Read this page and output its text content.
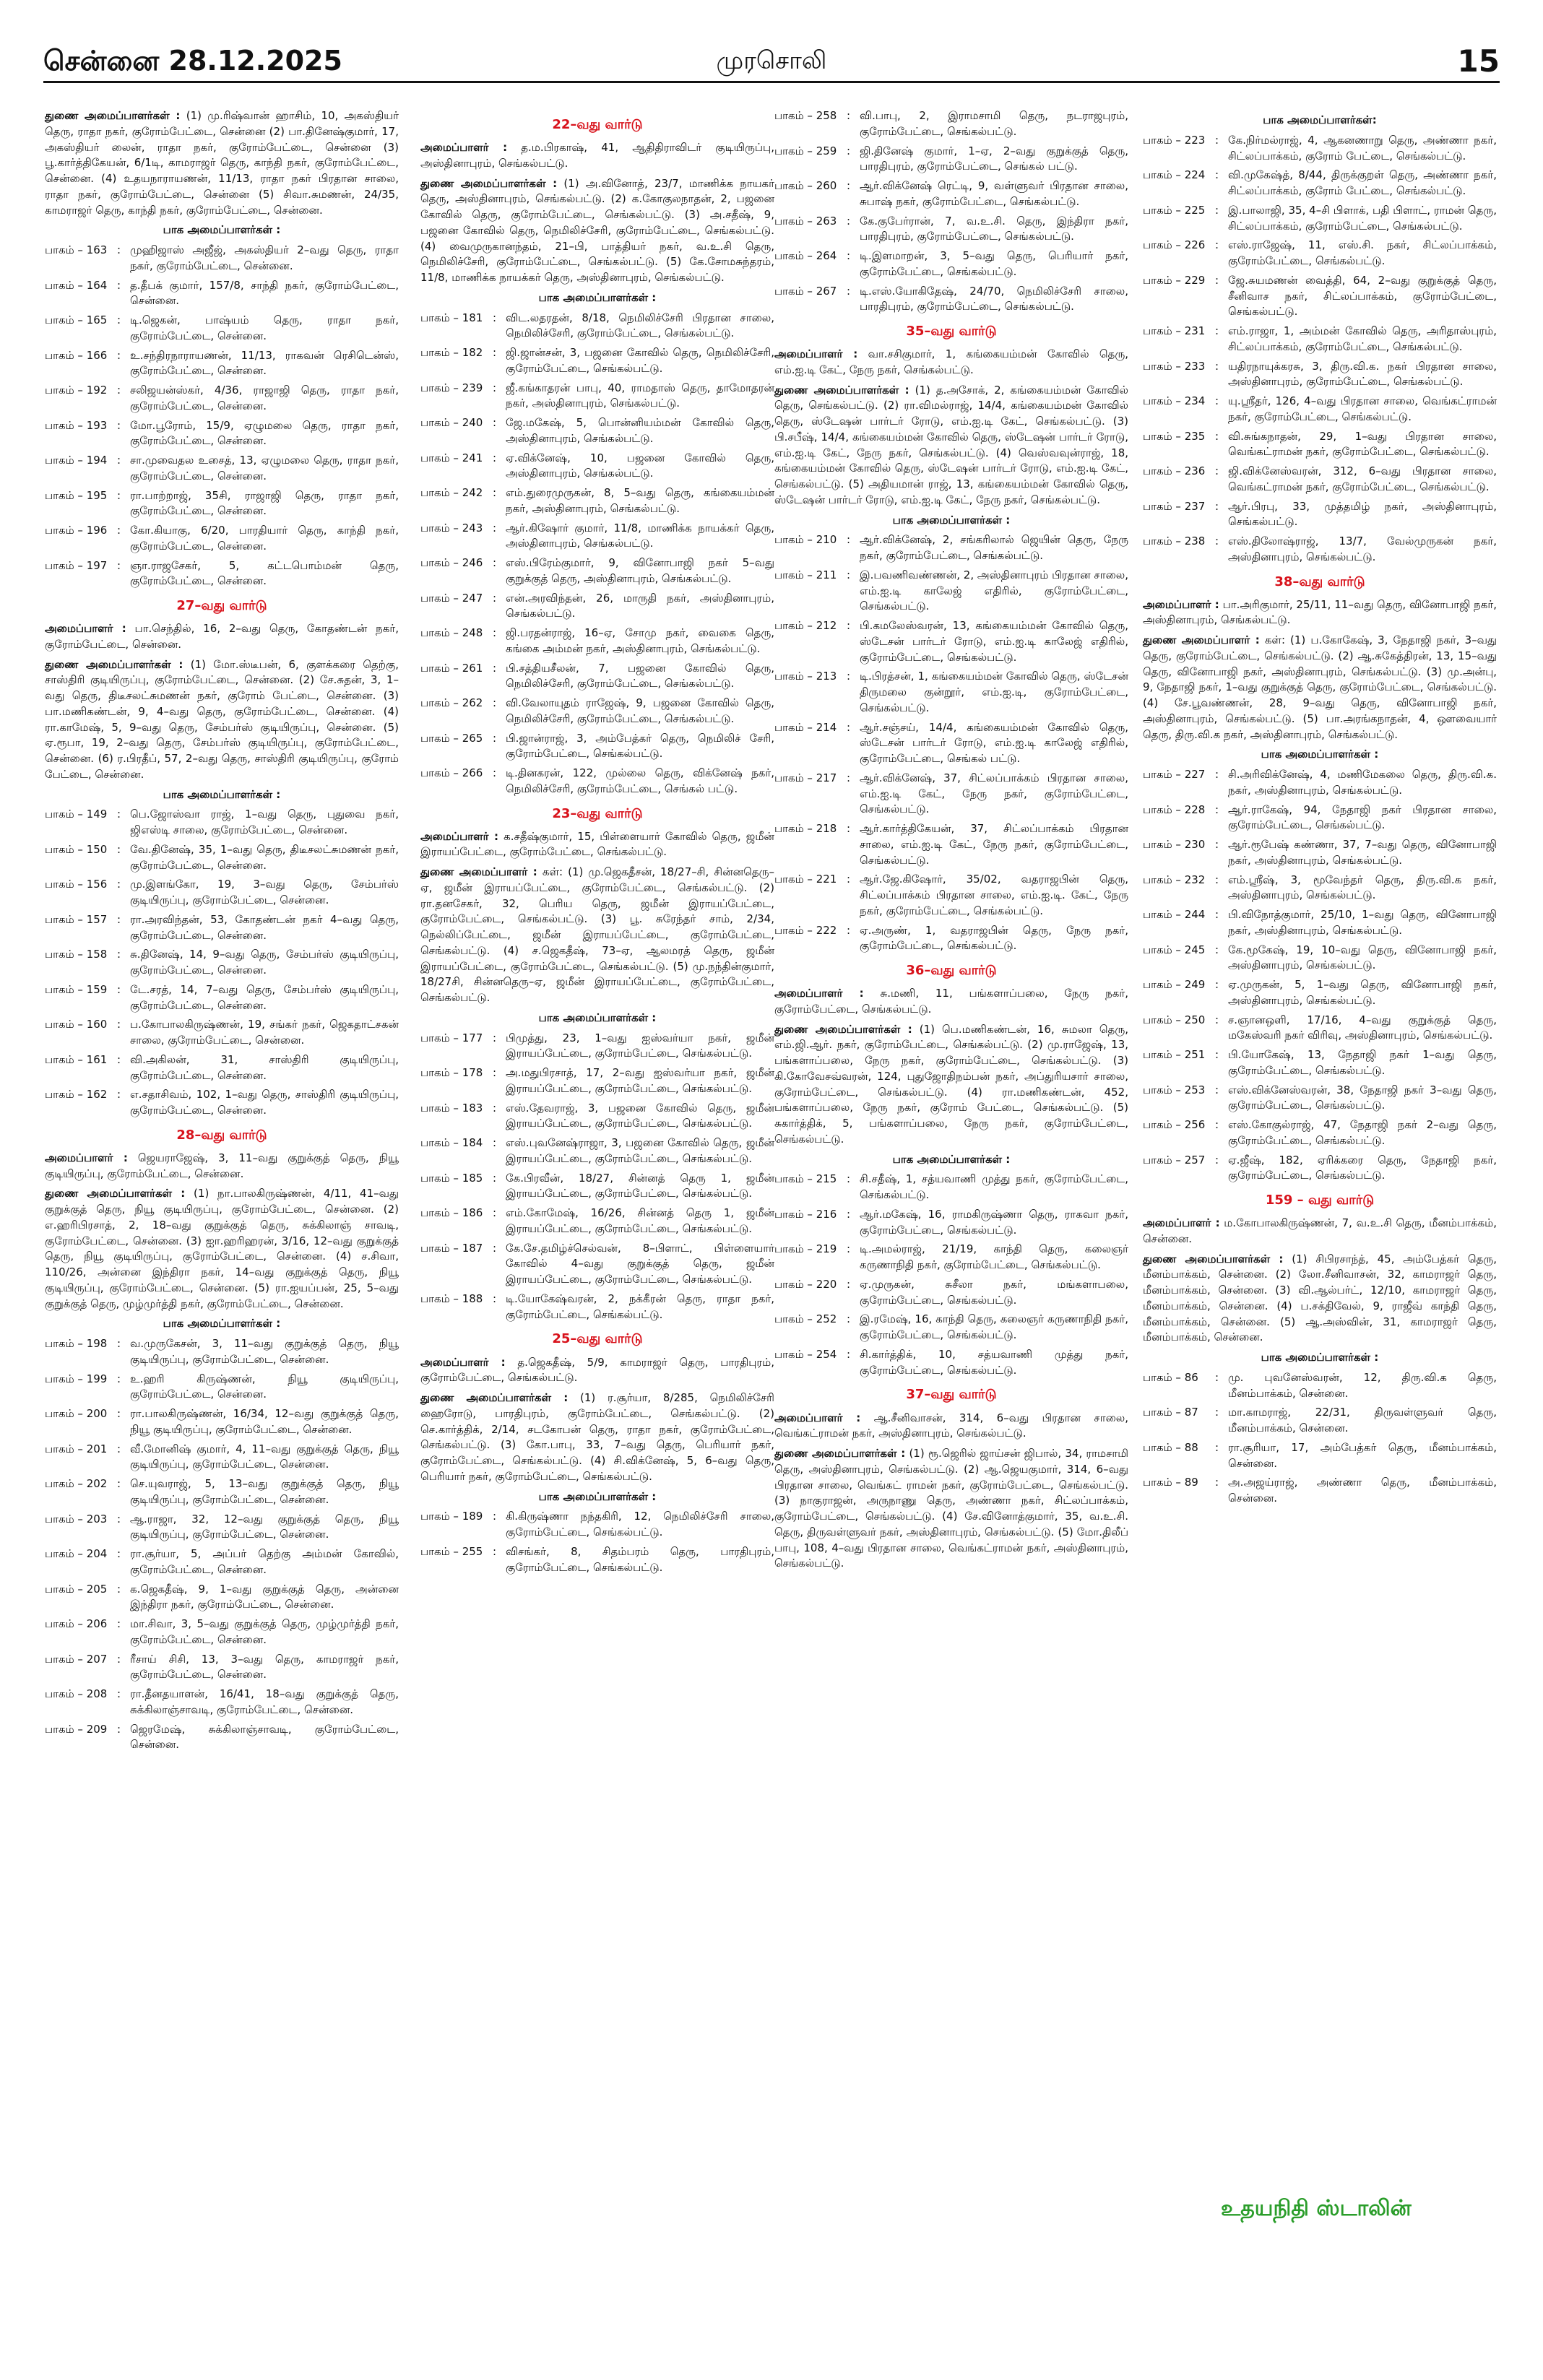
சென்னை 28.12.2025	முரசொலி	15
துணை அமைப்பாளர்கள் : (1) மு.ரிஷ்வான் ஹாசிம், 10, அகஸ்தியர் தெரு, ராதா நகர், குரோம்பேட்டை, சென்னை (2) பா.தினேஷ்குமார், 17, அகஸ்தியர் லைன், ராதா நகர், குரோம்பேட்டை, சென்னை (3) பூ.கார்த்திகேயன், 6/1டி, காமராஜர் தெரு, காந்தி நகர், குரோம்பேட்டை, சென்னை. (4) உதயநாராயணன், 11/13, ராதா நகர் பிரதான சாலை, ராதா நகர், குரோம்பேட்டை, சென்னை (5) சிவா.சுமணன், 24/35, காமராஜர் தெரு, காந்தி நகர், குரோம்பேட்டை, சென்னை.
பாக அமைப்பாளர்கள் :
பாகம் – 163 : முஹிஜாஸ் அஜீஜ், அகஸ்தியர் 2–வது தெரு, ராதா நகர், குரோம்பேட்டை, சென்னை.
பாகம் – 164 : த.தீபக் குமார், 157/8, சாந்தி நகர், குரோம்பேட்டை, சென்னை.
பாகம் – 165 : டி.ஜெகன், பாஷ்யம் தெரு, ராதா நகர், குரோம்பேட்டை, சென்னை.
பாகம் – 166 : உ.சந்திரநாராயணன், 11/13, ராகவன் ரெசிடென்ஸ், குரோம்பேட்டை, சென்னை.
பாகம் – 192 : சலிஜயன்ஸ்கர், 4/36, ராஜாஜி தெரு, ராதா நகர், குரோம்பேட்டை, சென்னை.
பாகம் – 193 : மோ.பூரோம், 15/9, ஏழுமலை தெரு, ராதா நகர், குரோம்பேட்டை, சென்னை.
பாகம் – 194 : சா.முவைதல உசைத், 13, ஏழுமலை தெரு, ராதா நகர், குரோம்பேட்டை, சென்னை.
பாகம் – 195 : ரா.பாற்றாஜ், 35சி, ராஜாஜி தெரு, ராதா நகர், குரோம்பேட்டை, சென்னை.
பாகம் – 196 : கோ.கியாகு, 6/20, பாரதியார் தெரு, காந்தி நகர், குரோம்பேட்டை, சென்னை.
பாகம் – 197 : ஞா.ராஜசேகர், 5, கட்டபொம்மன் தெரு, குரோம்பேட்டை, சென்னை.
27–வது வார்டு
அமைப்பாளர் : பா.செந்தில், 16, 2–வது தெரு, கோதண்டன் நகர், குரோம்பேட்டை, சென்னை.
துணை அமைப்பாளர்கள் : (1) மோ.ஸ்டீபன், 6, குளக்கரை தெற்கு, சாஸ்திரி குடியிருப்பு, குரோம்பேட்டை, சென்னை. (2) சே.சுதன், 3, 1–வது தெரு, திடீசலட்சுமணன் நகர், குரோம் பேட்டை, சென்னை. (3) பா.மணிகண்டன், 9, 4–வது தெரு, குரோம்பேட்டை, சென்னை. (4) ரா.காமேஷ், 5, 9–வது தெரு, சேம்பர்ஸ் குடியிருப்பு, சென்னை. (5) ஏ.ரூபா, 19, 2–வது தெரு, சேம்பர்ஸ் குடியிருப்பு, குரோம்பேட்டை, சென்னை. (6) ர.பிரதீப், 57, 2–வது தெரு, சாஸ்திரி குடியிருப்பு, குரோம் பேட்டை, சென்னை.
பாக அமைப்பாளர்கள் :
பாகம் – 149 : பெ.ஜோஸ்வா ராஜ், 1–வது தெரு, புதுவை நகர், ஜிஎஸ்டி சாலை, குரோம்பேட்டை, சென்னை.
பாகம் – 150 : வே.தினேஷ், 35, 1–வது தெரு, திடீசலட்சுமணன் நகர், குரோம்பேட்டை, சென்னை.
பாகம் – 156 : மு.இளங்கோ, 19, 3–வது தெரு, சேம்பர்ஸ் குடியிருப்பு, குரோம்பேட்டை, சென்னை.
பாகம் – 157 : ரா.அரவிந்தன், 53, கோதண்டன் நகர் 4–வது தெரு, குரோம்பேட்டை, சென்னை.
பாகம் – 158 : சு.தினேஷ், 14, 9–வது தெரு, சேம்பர்ஸ் குடியிருப்பு, குரோம்பேட்டை, சென்னை.
பாகம் – 159 : டே.சரத், 14, 7–வது தெரு, சேம்பர்ஸ் குடியிருப்பு, குரோம்பேட்டை, சென்னை.
பாகம் – 160 : ப.கோபாலகிருஷ்ணன், 19, சங்கர் நகர், ஜெகதாட்சகன் சாலை, குரோம்பேட்டை, சென்னை.
பாகம் – 161 : வி.அகிலன், 31, சாஸ்திரி குடியிருப்பு, குரோம்பேட்டை, சென்னை.
பாகம் – 162 : எ.சதாசிவம், 102, 1–வது தெரு, சாஸ்திரி குடியிருப்பு, குரோம்பேட்டை, சென்னை.
28–வது வார்டு
அமைப்பாளர் : ஜெயராஜேஷ், 3, 11–வது குறுக்குத் தெரு, நியூ குடியிருப்பு, குரோம்பேட்டை, சென்னை.
துணை அமைப்பாளர்கள் : (1) நா.பாலகிருஷ்ணன், 4/11, 41–வது குறுக்குத் தெரு, நியூ குடியிருப்பு, குரோம்பேட்டை, சென்னை. (2) எ.ஹரிபிரசாத், 2, 18–வது குறுக்குத் தெரு, சுக்கிலாஞ் சாவடி, குரோம்பேட்டை, சென்னை. (3) ஐா.ஹரிஹரன், 3/16, 12–வது குறுக்குத் தெரு, நியூ குடியிருப்பு, குரோம்பேட்டை, சென்னை. (4) ச.சிவா, 110/26, அன்னை இந்திரா நகர், 14–வது குறுக்குத் தெரு, நியூ குடியிருப்பு, குரோம்பேட்டை, சென்னை. (5) ரா.ஐயப்பன், 25, 5–வது குறுக்குத் தெரு, முழ்முர்த்தி நகர், குரோம்பேட்டை, சென்னை.
பாக அமைப்பாளர்கள் :
பாகம் – 198 : வ.முருகேசன், 3, 11–வது குறுக்குத் தெரு, நியூ குடியிருப்பு, குரோம்பேட்டை, சென்னை.
பாகம் – 199 : உ.ஹரி கிருஷ்ணன், நியூ குடியிருப்பு, குரோம்பேட்டை, சென்னை.
பாகம் – 200 : ரா.பாலகிருஷ்ணன், 16/34, 12–வது குறுக்குத் தெரு, நியூ குடியிருப்பு, குரோம்பேட்டை, சென்னை.
பாகம் – 201 : வீ.மோனிஷ் குமார், 4, 11–வது குறுக்குத் தெரு, நியூ குடியிருப்பு, குரோம்பேட்டை, சென்னை.
பாகம் – 202 : செ.யுவராஜ், 5, 13–வது குறுக்குத் தெரு, நியூ குடியிருப்பு, குரோம்பேட்டை, சென்னை.
பாகம் – 203 : ஆ.ராஜா, 32, 12–வது குறுக்குத் தெரு, நியூ குடியிருப்பு, குரோம்பேட்டை, சென்னை.
பாகம் – 204 : ரா.சூர்யா, 5, அப்பர் தெற்கு அம்மன் கோவில், குரோம்பேட்டை, சென்னை.
பாகம் – 205 : க.ஜெகதீஷ், 9, 1–வது குறுக்குத் தெரு, அன்னை இந்திரா நகர், குரோம்பேட்டை, சென்னை.
பாகம் – 206 : மா.சிவா, 3, 5–வது குறுக்குத் தெரு, முழ்முர்த்தி நகர், குரோம்பேட்டை, சென்னை.
பாகம் – 207 : ரீசாய் சிசி, 13, 3–வது தெரு, காமராஜர் நகர், குரோம்பேட்டை, சென்னை.
பாகம் – 208 : ரா.தீனதயாளன், 16/41, 18–வது குறுக்குத் தெரு, சுக்கிலாஞ்சாவடி, குரோம்பேட்டை, சென்னை.
பாகம் – 209 : ஜெரமேஷ், சுக்கிலாஞ்சாவடி, குரோம்பேட்டை, சென்னை.
22–வது வார்டு
அமைப்பாளர் : த.ம.பிரகாஷ், 41, ஆதிதிராவிடர் குடியிருப்பு, அஸ்தினாபுரம், செங்கல்பட்டு.
துணை அமைப்பாளர்கள் : (1) அ.வினோத், 23/7, மாணிக்க நாயகர் தெரு, அஸ்தினாபுரம், செங்கல்பட்டு. (2) க.கோகுலநாதன், 2, பஜனை கோவில் தெரு, குரோம்பேட்டை, செங்கல்பட்டு. (3) அ.சதீஷ், 9, பஜனை கோவில் தெரு, நெமிலிச்சேரி, குரோம்பேட்டை, செங்கல்பட்டு. (4) வைமுருகானந்தம், 21–பி, பாத்தியர் நகர், வ.உ.சி தெரு, நெமிலிச்சேரி, குரோம்பேட்டை, செங்கல்பட்டு. (5) கே.சோமசுந்தரம், 11/8, மாணிக்க நாயக்கர் தெரு, அஸ்தினாபுரம், செங்கல்பட்டு.
பாக அமைப்பாளர்கள் :
பாகம் – 181 : விட.லதரதன், 8/18, நெமிலிச்சேரி பிரதான சாலை, நெமிலிச்சேரி, குரோம்பேட்டை, செங்கல்பட்டு.
பாகம் – 182 : ஜி.ஜான்சன், 3, பஜனை கோவில் தெரு, நெமிலிச்சேரி, குரோம்பேட்டை, செங்கல்பட்டு.
பாகம் – 239 : ஜீ.கங்காதரன் பாபு, 40, ராமதாஸ் தெரு, தாமோதரன் நகர், அஸ்தினாபுரம், செங்கல்பட்டு.
பாகம் – 240 : ஜே.மகேஷ், 5, பொன்னியம்மன் கோவில் தெரு, அஸ்தினாபுரம், செங்கல்பட்டு.
பாகம் – 241 : ஏ.விக்னேஷ், 10, பஜனை கோவில் தெரு, அஸ்தினாபுரம், செங்கல்பட்டு.
பாகம் – 242 : எம்.துரைமுருகன், 8, 5–வது தெரு, கங்கையம்மன் நகர், அஸ்தினாபுரம், செங்கல்பட்டு.
பாகம் – 243 : ஆர்.கிஷோர் குமார், 11/8, மாணிக்க நாயக்கர் தெரு, அஸ்தினாபுரம், செங்கல்பட்டு.
பாகம் – 246 : எஸ்.பிரேம்குமார், 9, வினோபாஜி நகர் 5–வது குறுக்குத் தெரு, அஸ்தினாபுரம், செங்கல்பட்டு.
பாகம் – 247 : என்.அரவிந்தன், 26, மாருதி நகர், அஸ்தினாபுரம், செங்கல்பட்டு.
பாகம் – 248 : ஜி.பரதன்ராஜ், 16–ஏ, சோமு நகர், வைகை தெரு, கங்கை அம்மன் நகர், அஸ்தினாபுரம், செங்கல்பட்டு.
பாகம் – 261 : பி.சத்தியசீலன், 7, பஜனை கோவில் தெரு, நெமிலிச்சேரி, குரோம்பேட்டை, செங்கல்பட்டு.
பாகம் – 262 : வி.வேலாயுதம் ராஜேஷ், 9, பஜனை கோவில் தெரு, நெமிலிச்சேரி, குரோம்பேட்டை, செங்கல்பட்டு.
பாகம் – 265 : பி.ஜான்ராஜ், 3, அம்பேத்கர் தெரு, நெமிலிச் சேரி, குரோம்பேட்டை, செங்கல்பட்டு.
பாகம் – 266 : டி.தினகரன், 122, முல்லை தெரு, விக்னேஷ் நகர், நெமிலிச்சேரி, குரோம்பேட்டை, செங்கல் பட்டு.
23–வது வார்டு
அமைப்பாளர் : க.சதீஷ்குமார், 15, பிள்ளையார் கோவில் தெரு, ஜமீன் இராயப்பேட்டை, குரோம்பேட்டை, செங்கல்பட்டு.
துணை அமைப்பாளர் : கள்: (1) மு.ஜெகதீசன், 18/27–சி, சின்னதெரு–ஏ, ஜமீன் இராயப்பேட்டை, குரோம்பேட்டை, செங்கல்பட்டு. (2) ரா.தனசேகர், 32, பெரிய தெரு, ஜமீன் இராயப்பேட்டை, குரோம்பேட்டை, செங்கல்பட்டு. (3) பூ. சுரேந்தர் சாம், 2/34, நெல்லிப்பேட்டை, ஜமீன் இராயப்பேட்டை, குரோம்பேட்டை, செங்கல்பட்டு. (4) ச.ஜெகதீஷ், 73–ஏ, ஆலமரத் தெரு, ஜமீன் இராயப்பேட்டை, குரோம்பேட்டை, செங்கல்பட்டு. (5) மு.நந்தின்குமார், 18/27சி, சின்னதெரு–ஏ, ஜமீன் இராயப்பேட்டை, குரோம்பேட்டை, செங்கல்பட்டு.
பாக அமைப்பாளர்கள் :
பாகம் – 177 : பிமுத்து, 23, 1–வது ஐஸ்வர்யா நகர், ஜமீன் இராயப்பேட்டை, குரோம்பேட்டை, செங்கல்பட்டு.
பாகம் – 178 : அ.மதுபிரசாத், 17, 2–வது ஐஸ்வர்யா நகர், ஜமீன் இராயப்பேட்டை, குரோம்பேட்டை, செங்கல்பட்டு.
பாகம் – 183 : எஸ்.தேவராஜ், 3, பஜனை கோவில் தெரு, ஜமீன் இராயப்பேட்டை, குரோம்பேட்டை, செங்கல்பட்டு.
பாகம் – 184 : எஸ்.புவனேஷ்ராஜா, 3, பஜனை கோவில் தெரு, ஜமீன் இராயப்பேட்டை, குரோம்பேட்டை, செங்கல்பட்டு.
பாகம் – 185 : கே.பிரவீன், 18/27, சின்னத் தெரு 1, ஜமீன் இராயப்பேட்டை, குரோம்பேட்டை, செங்கல்பட்டு.
பாகம் – 186 : எம்.கோமேஷ், 16/26, சின்னத் தெரு 1, ஜமீன் இராயப்பேட்டை, குரோம்பேட்டை, செங்கல்பட்டு.
பாகம் – 187 : கே.சே.தமிழ்ச்செல்வன், 8–பிளாட், பிள்ளையார் கோவில் 4–வது குறுக்குத் தெரு, ஜமீன் இராயப்பேட்டை, குரோம்பேட்டை, செங்கல்பட்டு.
பாகம் – 188 : டி.யோகேஷ்வரன், 2, நக்கீரன் தெரு, ராதா நகர், குரோம்பேட்டை, செங்கல்பட்டு.
25–வது வார்டு
அமைப்பாளர் : த.ஜெகதீஷ், 5/9, காமராஜர் தெரு, பாரதிபுரம், குரோம்பேட்டை, செங்கல்பட்டு.
துணை அமைப்பாளர்கள் : (1) ர.சூர்யா, 8/285, நெமிலிச்சேரி ஹைரோடு, பாரதிபுரம், குரோம்பேட்டை, செங்கல்பட்டு. (2) செ.கார்த்திக், 2/14, சடகோபன் தெரு, ராதா நகர், குரோம்பேட்டை, செங்கல்பட்டு. (3) கோ.பாபு, 33, 7–வது தெரு, பெரியார் நகர், குரோம்பேட்டை, செங்கல்பட்டு. (4) சி.விக்னேஷ், 5, 6–வது தெரு, பெரியார் நகர், குரோம்பேட்டை, செங்கல்பட்டு.
பாக அமைப்பாளர்கள் :
பாகம் – 189 : கி.கிருஷ்ணா நந்தகிரி, 12, நெமிலிச்சேரி சாலை, குரோம்பேட்டை, செங்கல்பட்டு.
பாகம் – 255 : விசங்கர், 8, சிதம்பரம் தெரு, பாரதிபுரம், குரோம்பேட்டை, செங்கல்பட்டு.
பாகம் – 258 : வி.பாபு, 2, இராமசாமி தெரு, நடராஜபுரம், குரோம்பேட்டை, செங்கல்பட்டு.
பாகம் – 259 : ஜி.தினேஷ் குமார், 1–ஏ, 2–வது குறுக்குத் தெரு, பாரதிபுரம், குரோம்பேட்டை, செங்கல் பட்டு.
பாகம் – 260 : ஆர்.விக்னேஷ் ரெட்டி, 9, வள்ளுவர் பிரதான சாலை, சுபாஷ் நகர், குரோம்பேட்டை, செங்கல்பட்டு.
பாகம் – 263 : கே.குபேர்ரான், 7, வ.உ.சி. தெரு, இந்திரா நகர், பாரதிபுரம், குரோம்பேட்டை, செங்கல்பட்டு.
பாகம் – 264 : டி.இளமாறன், 3, 5–வது தெரு, பெரியார் நகர், குரோம்பேட்டை, செங்கல்பட்டு.
பாகம் – 267 : டி.எஸ்.யோகிதேஷ், 24/70, நெமிலிச்சேரி சாலை, பாரதிபுரம், குரோம்பேட்டை, செங்கல்பட்டு.
35–வது வார்டு
அமைப்பாளர் : வா.சசிகுமார், 1, கங்கையம்மன் கோவில் தெரு, எம்.ஐ.டி கேட், நேரு நகர், செங்கல்பட்டு.
துணை அமைப்பாளர்கள் : (1) த.அசோக், 2, கங்கையம்மன் கோவில் தெரு, செங்கல்பட்டு. (2) ரா.விமல்ராஜ், 14/4, கங்கையம்மன் கோவில் தெரு, ஸ்டேஷன் பார்டர் ரோடு, எம்.ஐ.டி கேட், செங்கல்பட்டு. (3) பி.சபீஷ், 14/4, கங்கையம்மன் கோவில் தெரு, ஸ்டேஷன் பார்டர் ரோடு, எம்.ஐ.டி கேட், நேரு நகர், செங்கல்பட்டு. (4) வெஸ்வவுன்ராஜ், 18, கங்கையம்மன் கோவில் தெரு, ஸ்டேஷன் பார்டர் ரோடு, எம்.ஐ.டி கேட், செங்கல்பட்டு. (5) அதியமான் ராஜ், 13, கங்கையம்மன் கோவில் தெரு, ஸ்டேஷன் பார்டர் ரோடு, எம்.ஐ.டி கேட், நேரு நகர், செங்கல்பட்டு.
பாக அமைப்பாளர்கள் :
பாகம் – 210 : ஆர்.விக்னேஷ், 2, சங்கரிலால் ஜெயின் தெரு, நேரு நகர், குரோம்பேட்டை, செங்கல்பட்டு.
பாகம் – 211 : இ.பவணிவண்ணன், 2, அஸ்தினாபுரம் பிரதான சாலை, எம்.ஐ.டி காலேஜ் எதிரில், குரோம்பேட்டை, செங்கல்பட்டு.
பாகம் – 212 : பி.கமலேஸ்வரன், 13, கங்கையம்மன் கோவில் தெரு, ஸ்டேசன் பார்டர் ரோடு, எம்.ஐ.டி காலேஜ் எதிரில், குரோம்பேட்டை, செங்கல்பட்டு.
பாகம் – 213 : டி.பிரத்சன், 1, கங்கையம்மன் கோவில் தெரு, ஸ்டேசன் திருமலை குன்றூர், எம்.ஐ.டி, குரோம்பேட்டை, செங்கல்பட்டு.
பாகம் – 214 : ஆர்.சஞ்சய், 14/4, கங்கையம்மன் கோவில் தெரு, ஸ்டேசன் பார்டர் ரோடு, எம்.ஐ.டி காலேஜ் எதிரில், குரோம்பேட்டை, செங்கல் பட்டு.
பாகம் – 217 : ஆர்.விக்னேஷ், 37, சிட்லப்பாக்கம் பிரதான சாலை, எம்.ஐ.டி கேட், நேரு நகர், குரோம்பேட்டை, செங்கல்பட்டு.
பாகம் – 218 : ஆர்.கார்த்திகேயன், 37, சிட்லப்பாக்கம் பிரதான சாலை, எம்.ஐ.டி கேட், நேரு நகர், குரோம்பேட்டை, செங்கல்பட்டு.
பாகம் – 221 : ஆர்.ஜே.கிஷோர், 35/02, வதராஜபின் தெரு, சிட்லப்பாக்கம் பிரதான சாலை, எம்.ஐ.டி. கேட், நேரு நகர், குரோம்பேட்டை, செங்கல்பட்டு.
பாகம் – 222 : ஏ.அருண், 1, வதராஜபின் தெரு, நேரு நகர், குரோம்பேட்டை, செங்கல்பட்டு.
36–வது வார்டு
அமைப்பாளர் : சு.மணி, 11, பங்களாப்பலை, நேரு நகர், குரோம்பேட்டை, செங்கல்பட்டு.
துணை அமைப்பாளர்கள் : (1) பெ.மணிகண்டன், 16, சுமலா தெரு, எம்.ஜி.ஆர். நகர், குரோம்பேட்டை, செங்கல்பட்டு. (2) மு.ராஜேஷ், 13, பங்களாப்பலை, நேரு நகர், குரோம்பேட்டை, செங்கல்பட்டு. (3) கி.கோவேசவ்வரன், 124, புதுஜோதிநம்பன் நகர், அப்துரியசார் சாலை, குரோம்பேட்டை, செங்கல்பட்டு. (4) ரா.மணிகண்டன், 452, பங்களாப்பலை, நேரு நகர், குரோம் பேட்டை, செங்கல்பட்டு. (5) சுகார்த்திக், 5, பங்களாப்பலை, நேரு நகர், குரோம்பேட்டை, செங்கல்பட்டு.
பாக அமைப்பாளர்கள் :
பாகம் – 215 : சி.சதீஷ், 1, சத்யவாணி முத்து நகர், குரோம்பேட்டை, செங்கல்பட்டு.
பாகம் – 216 : ஆர்.மகேஷ், 16, ராமகிருஷ்ணா தெரு, ராகவா நகர், குரோம்பேட்டை, செங்கல்பட்டு.
பாகம் – 219 : டி.அமல்ராஜ், 21/19, காந்தி தெரு, கலைஞர் கருணாநிதி நகர், குரோம்பேட்டை, செங்கல்பட்டு.
பாகம் – 220 : ஏ.முருகன், சுசீலா நகர், மங்களாபலை, குரோம்பேட்டை, செங்கல்பட்டு.
பாகம் – 252 : இ.ரமேஷ், 16, காந்தி தெரு, கலைஞர் கருணாநிதி நகர், குரோம்பேட்டை, செங்கல்பட்டு.
பாகம் – 254 : சி.கார்த்திக், 10, சத்யவாணி முத்து நகர், குரோம்பேட்டை, செங்கல்பட்டு.
37–வது வார்டு
அமைப்பாளர் : ஆ.சீனிவாசன், 314, 6–வது பிரதான சாலை, வெங்கட்ராமன் நகர், அஸ்தினாபுரம், செங்கல்பட்டு.
துணை அமைப்பாளர்கள் : (1) ரூ.ஜெரில் ஜாய்சன் ஜிபால், 34, ராமசாமி தெரு, அஸ்தினாபுரம், செங்கல்பட்டு. (2) ஆ.ஜெயகுமார், 314, 6–வது பிரதான சாலை, வெங்கட் ராமன் நகர், குரோம்பேட்டை, செங்கல்பட்டு. (3) நாகுராஜன், அருநாணு தெரு, அண்ணா நகர், சிட்லப்பாக்கம், குரோம்பேட்டை, செங்கல்பட்டு. (4) சே.வினோத்குமார், 35, வ.உ.சி. தெரு, திருவள்ளுவர் நகர், அஸ்தினாபுரம், செங்கல்பட்டு. (5) மோ.திலீப் பாபு, 108, 4–வது பிரதான சாலை, வெங்கட்ராமன் நகர், அஸ்தினாபுரம், செங்கல்பட்டு.
பாக அமைப்பாளர்கள்:
பாகம் – 223 : கே.நிர்மல்ராஜ், 4, ஆகனணாறு தெரு, அண்ணா நகர், சிட்லப்பாக்கம், குரோம் பேட்டை, செங்கல்பட்டு.
பாகம் – 224 : வி.முகேஷ்த், 8/44, திருக்குறள் தெரு, அண்ணா நகர், சிட்லப்பாக்கம், குரோம் பேட்டை, செங்கல்பட்டு.
பாகம் – 225 : இ.பாலாஜி, 35, 4–சி பிளாக், பதி பிளாட், ராமன் தெரு, சிட்லப்பாக்கம், குரோம்பேட்டை, செங்கல்பட்டு.
பாகம் – 226 : எஸ்.ராஜேஷ், 11, எஸ்.சி. நகர், சிட்லப்பாக்கம், குரோம்பேட்டை, செங்கல்பட்டு.
பாகம் – 229 : ஜே.சுயமணன் வைத்தி, 64, 2–வது குறுக்குத் தெரு, சீனிவாச நகர், சிட்லப்பாக்கம், குரோம்பேட்டை, செங்கல்பட்டு.
பாகம் – 231 : எம்.ராஜா, 1, அம்மன் கோவில் தெரு, அரிதாஸ்புரம், சிட்லப்பாக்கம், குரோம்பேட்டை, செங்கல்பட்டு.
பாகம் – 233 : யதிரநாயுக்கரசு, 3, திரு.வி.க. நகர் பிரதான சாலை, அஸ்தினாபுரம், குரோம்பேட்டை, செங்கல்பட்டு.
பாகம் – 234 : யு.ஸ்ரீதர், 126, 4–வது பிரதான சாலை, வெங்கட்ராமன் நகர், குரோம்பேட்டை, செங்கல்பட்டு.
பாகம் – 235 : வி.சுங்கநாதன், 29, 1–வது பிரதான சாலை, வெங்கட்ராமன் நகர், குரோம்பேட்டை, செங்கல்பட்டு.
பாகம் – 236 : ஜி.விக்னேஸ்வரன், 312, 6–வது பிரதான சாலை, வெங்கட்ராமன் நகர், குரோம்பேட்டை, செங்கல்பட்டு.
பாகம் – 237 : ஆர்.பிரபு, 33, முத்தமிழ் நகர், அஸ்தினாபுரம், செங்கல்பட்டு.
பாகம் – 238 : எஸ்.திலோஷ்ராஜ், 13/7, வேல்முருகன் நகர், அஸ்தினாபுரம், செங்கல்பட்டு.
38–வது வார்டு
அமைப்பாளர் : பா.அரிகுமார், 25/11, 11–வது தெரு, வினோபாஜி நகர், அஸ்தினாபுரம், செங்கல்பட்டு.
துணை அமைப்பாளர் : கள்: (1) ப.கோகேஷ், 3, நேதாஜி நகர், 3–வது தெரு, குரோம்பேட்டை, செங்கல்பட்டு. (2) ஆ.சுகேத்திரன், 13, 15–வது தெரு, வினோபாஜி நகர், அஸ்தினாபுரம், செங்கல்பட்டு. (3) மு.அன்பு, 9, நேதாஜி நகர், 1–வது குறுக்குத் தெரு, குரோம்பேட்டை, செங்கல்பட்டு. (4) சே.பூவண்ணன், 28, 9–வது தெரு, வினோபாஜி நகர், அஸ்தினாபுரம், செங்கல்பட்டு. (5) பா.அரங்கநாதன், 4, ஔவையார் தெரு, திரு.வி.க நகர், அஸ்தினாபுரம், செங்கல்பட்டு.
பாக அமைப்பாளர்கள் :
பாகம் – 227 : சி.அரிவிக்னேஷ், 4, மணிமேகலை தெரு, திரு.வி.க. நகர், அஸ்தினாபுரம், செங்கல்பட்டு.
பாகம் – 228 : ஆர்.ராகேஷ், 94, நேதாஜி நகர் பிரதான சாலை, குரோம்பேட்டை, செங்கல்பட்டு.
பாகம் – 230 : ஆர்.ரூபேஷ் கண்ணா, 37, 7–வது தெரு, வினோபாஜி நகர், அஸ்தினாபுரம், செங்கல்பட்டு.
பாகம் – 232 : எம்.ஸ்ரீஷ், 3, மூவேந்தர் தெரு, திரு.வி.க நகர், அஸ்தினாபுரம், செங்கல்பட்டு.
பாகம் – 244 : பி.விநோத்குமார், 25/10, 1–வது தெரு, வினோபாஜி நகர், அஸ்தினாபுரம், செங்கல்பட்டு.
பாகம் – 245 : கே.மூகேஷ், 19, 10–வது தெரு, வினோபாஜி நகர், அஸ்தினாபுரம், செங்கல்பட்டு.
பாகம் – 249 : ஏ.முருகன், 5, 1–வது தெரு, வினோபாஜி நகர், அஸ்தினாபுரம், செங்கல்பட்டு.
பாகம் – 250 : ச.ஞானஒளி, 17/16, 4–வது குறுக்குத் தெரு, மகேஸ்வரி நகர் விரிவு, அஸ்தினாபுரம், செங்கல்பட்டு.
பாகம் – 251 : பி.யோகேஷ், 13, நேதாஜி நகர் 1–வது தெரு, குரோம்பேட்டை, செங்கல்பட்டு.
பாகம் – 253 : எஸ்.விக்னேஸ்வரன், 38, நேதாஜி நகர் 3–வது தெரு, குரோம்பேட்டை, செங்கல்பட்டு.
பாகம் – 256 : எஸ்.கோகுல்ராஜ், 47, நேதாஜி நகர் 2–வது தெரு, குரோம்பேட்டை, செங்கல்பட்டு.
பாகம் – 257 : ஏ.ஜீஷ், 182, ஏரிக்கரை தெரு, நேதாஜி நகர், குரோம்பேட்டை, செங்கல்பட்டு.
159 – வது வார்டு
அமைப்பாளர் : ம.கோபாலகிருஷ்ணன், 7, வ.உ.சி தெரு, மீனம்பாக்கம், சென்னை.
துணை அமைப்பாளர்கள் : (1) சிபிரசாந்த், 45, அம்பேத்கர் தெரு, மீனம்பாக்கம், சென்னை. (2) லோ.சீனிவாசன், 32, காமராஜர் தெரு, மீனம்பாக்கம், சென்னை. (3) வி.ஆல்பர்ட், 12/10, காமராஜர் தெரு, மீனம்பாக்கம், சென்னை. (4) ப.சக்திவேல், 9, ராஜீவ் காந்தி தெரு, மீனம்பாக்கம், சென்னை. (5) ஆ.அஸ்வின், 31, காமராஜர் தெரு, மீனம்பாக்கம், சென்னை.
பாக அமைப்பாளர்கள் :
பாகம் – 86	: மு. புவனேஸ்வரன், 12, திரு.வி.க தெரு, மீனம்பாக்கம், சென்னை.
பாகம் – 87	: மா.காமராஜ், 22/31, திருவள்ளுவர் தெரு, மீனம்பாக்கம், சென்னை.
பாகம் – 88	: ரா.சூரியா, 17, அம்பேத்கர் தெரு, மீனம்பாக்கம், சென்னை.
பாகம் – 89	: அ.அஜய்ராஜ், அண்ணா தெரு, மீனம்பாக்கம், சென்னை.
உதயநிதி ஸ்டாலின்
